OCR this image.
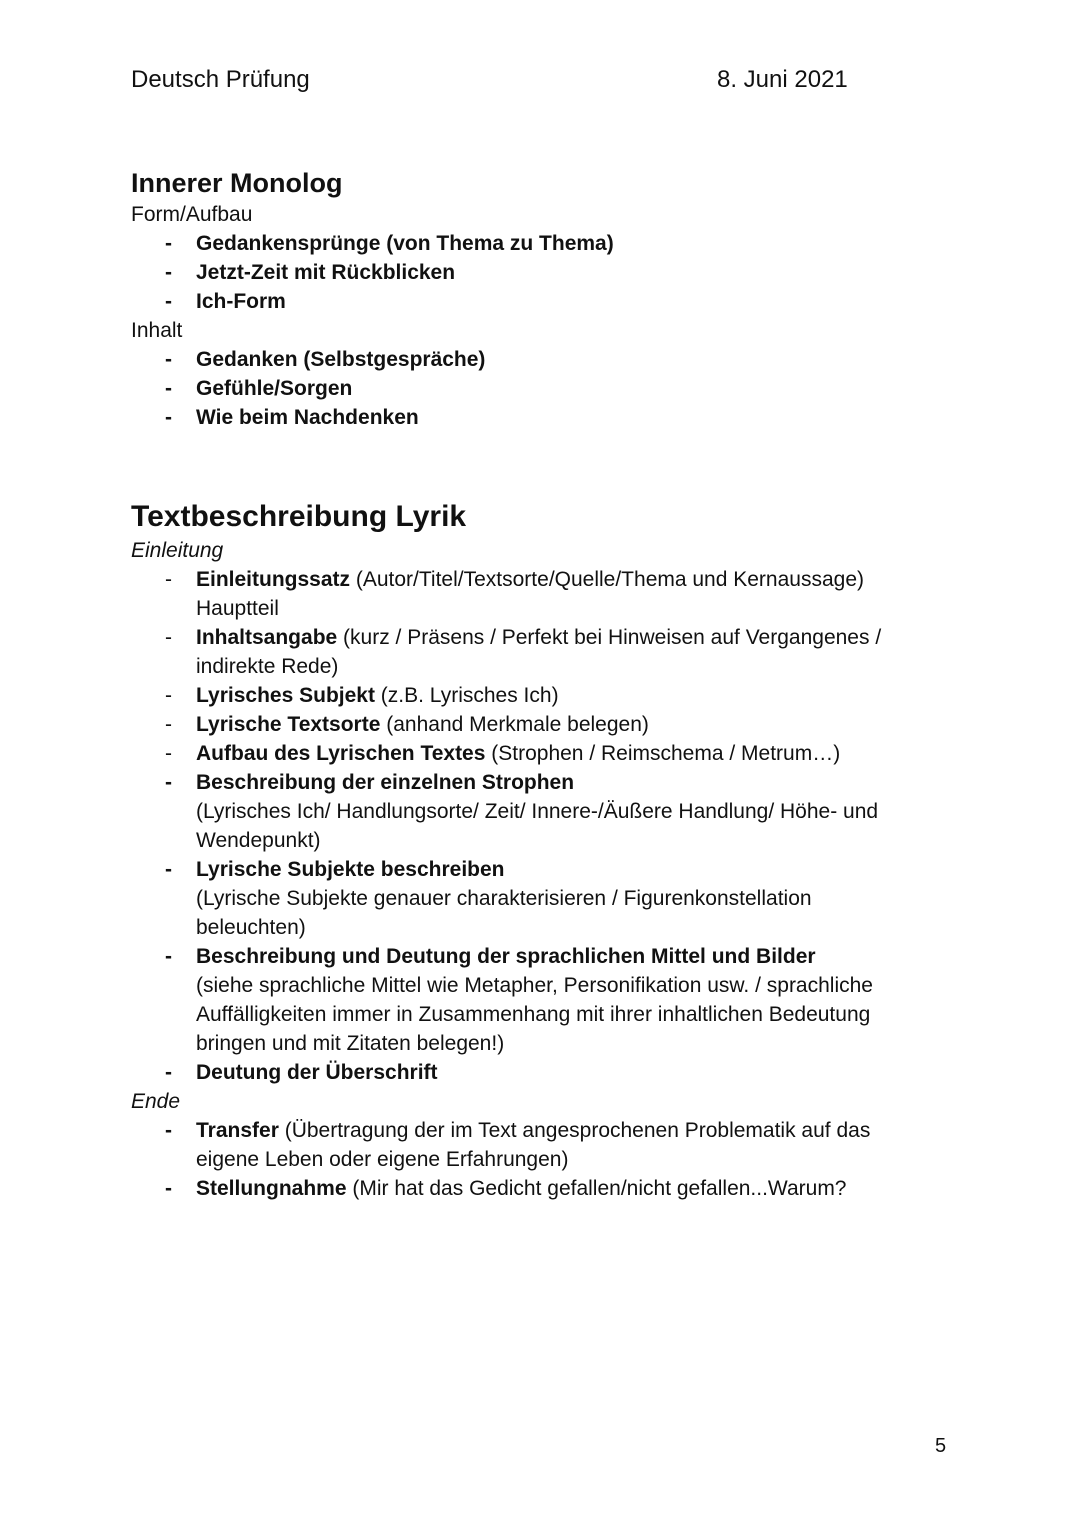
Deutsch Prüfung	8. Juni 2021
Innerer Monolog

Form/Aufbau

- Gedankensprünge (von Thema zu Thema)
- Jetzt-Zeit mit Rückblicken
- Ich-Form

Inhalt

- Gedanken (Selbstgespräche)
- Gefühle/Sorgen
- Wie beim Nachdenken
Textbeschreibung Lyrik

Einleitung

- Einleitungssatz (Autor/Titel/Textsorte/Quelle/Thema und Kernaussage)
Hauptteil
- Inhaltsangabe (kurz / Präsens / Perfekt bei Hinweisen auf Vergangenes / indirekte Rede)
- Lyrisches Subjekt (z.B. Lyrisches Ich)
- Lyrische Textsorte (anhand Merkmale belegen)
- Aufbau des Lyrischen Textes (Strophen / Reimschema / Metrum…)
- Beschreibung der einzelnen Strophen
(Lyrisches Ich/ Handlungsorte/ Zeit/ Innere-/Äußere Handlung/ Höhe- und Wendepunkt)
- Lyrische Subjekte beschreiben
(Lyrische Subjekte genauer charakterisieren / Figurenkonstellation beleuchten)
- Beschreibung und Deutung der sprachlichen Mittel und Bilder
(siehe sprachliche Mittel wie Metapher, Personifikation usw. / sprachliche Auffälligkeiten immer in Zusammenhang mit ihrer inhaltlichen Bedeutung bringen und mit Zitaten belegen!)
- Deutung der Überschrift

Ende

- Transfer (Übertragung der im Text angesprochenen Problematik auf das eigene Leben oder eigene Erfahrungen)
- Stellungnahme (Mir hat das Gedicht gefallen/nicht gefallen...Warum?
5
